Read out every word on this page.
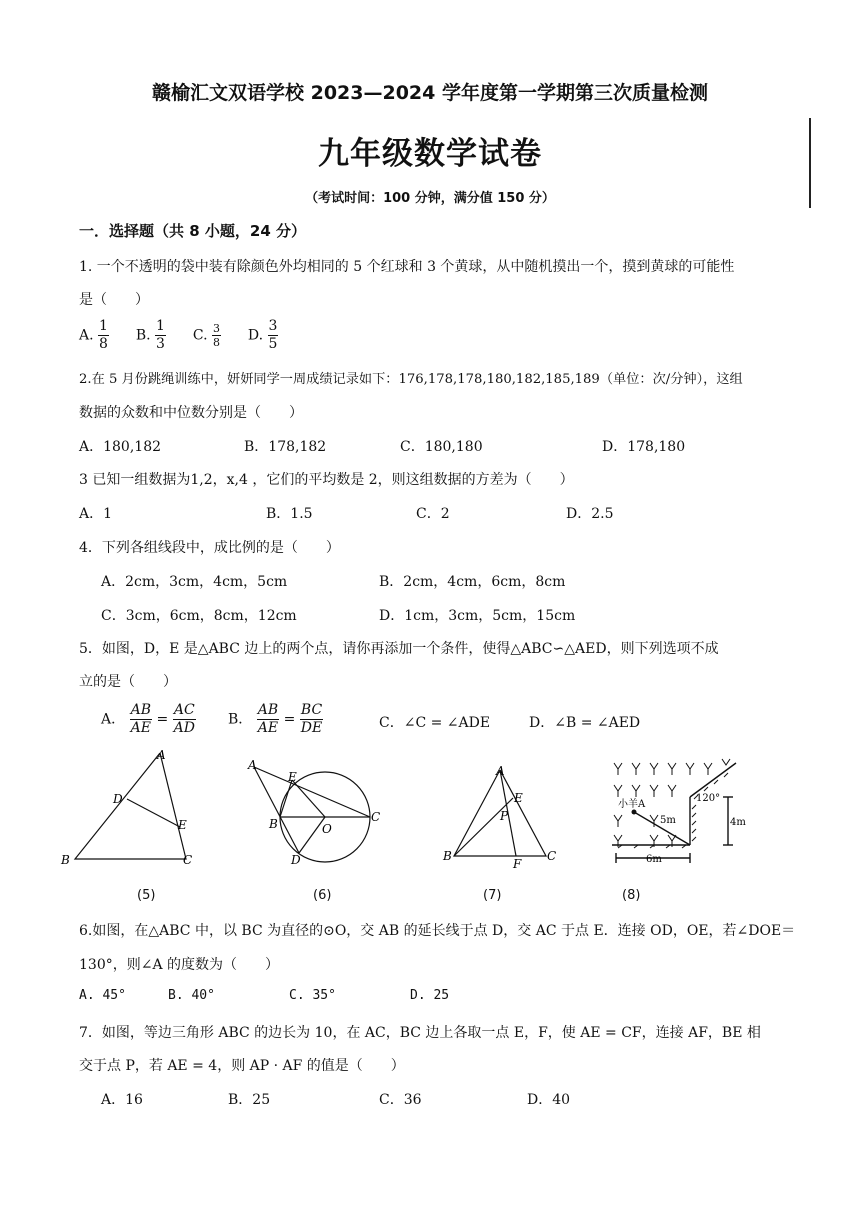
赣榆汇文双语学校 2023—2024 学年度第一学期第三次质量检测
九年级数学试卷
（考试时间：100 分钟，满分值 150 分）
一．选择题（共 8 小题，24 分）
1. 一个不透明的袋中装有除颜色外均相同的 5 个红球和 3 个黄球，从中随机摸出一个，摸到黄球的可能性
是（　　）
A. $\frac{1}{8} B$. $\frac{1}{3} C$. $\frac{3}{8} D$. $\frac{3}{5}$
2.在 5 月份跳绳训练中，妍妍同学一周成绩记录如下：176,178,178,180,182,185,189（单位：次/分钟），这组
数据的众数和中位数分别是（　　）
A．180,182	B．178,182	C．180,180	D．178,180
3 已知一组数据为1,2，x,4 ，它们的平均数是 2，则这组数据的方差为（　　）
A．1	B．1.5	C．2	D．2.5
4．下列各组线段中，成比例的是（　　）
A．2cm，3cm，4cm，5cm	B．2cm，4cm，6cm，8cm
C．3cm，6cm，8cm，12cm	D．1cm，3cm，5cm，15cm
5．如图，D，E 是△ABC 边上的两个点，请你再添加一个条件，使得△ABC∽△AED，则下列选项不成
立的是（　　）
A． $\frac{AB}{AE} = \frac{AC}{AD}$ B． $\frac{AB}{AE} = \frac{BC}{DE}$	C．∠C = ∠ADE	D．∠B = ∠AED
A
D
E
B	C
A
E
B	O
C
D
A
E
P
B	C
F
小羊A
5m	4m
6m
120°
(5)	(6)	(7)	(8)
6.如图，在△ABC 中，以 BC 为直径的⊙O，交 AB 的延长线于点 D，交 AC 于点 E．连接 OD，OE，若∠DOE＝
130°，则∠A 的度数为（　　）
A. 45°	B. 40°	C. 35°	D. 25
7．如图，等边三角形 ABC 的边长为 10，在 AC，BC 边上各取一点 E，F，使 AE = CF，连接 AF，BE 相
交于点 P，若 AE = 4，则 AP · AF 的值是（　　）
A．16	B．25	C．36	D．40
